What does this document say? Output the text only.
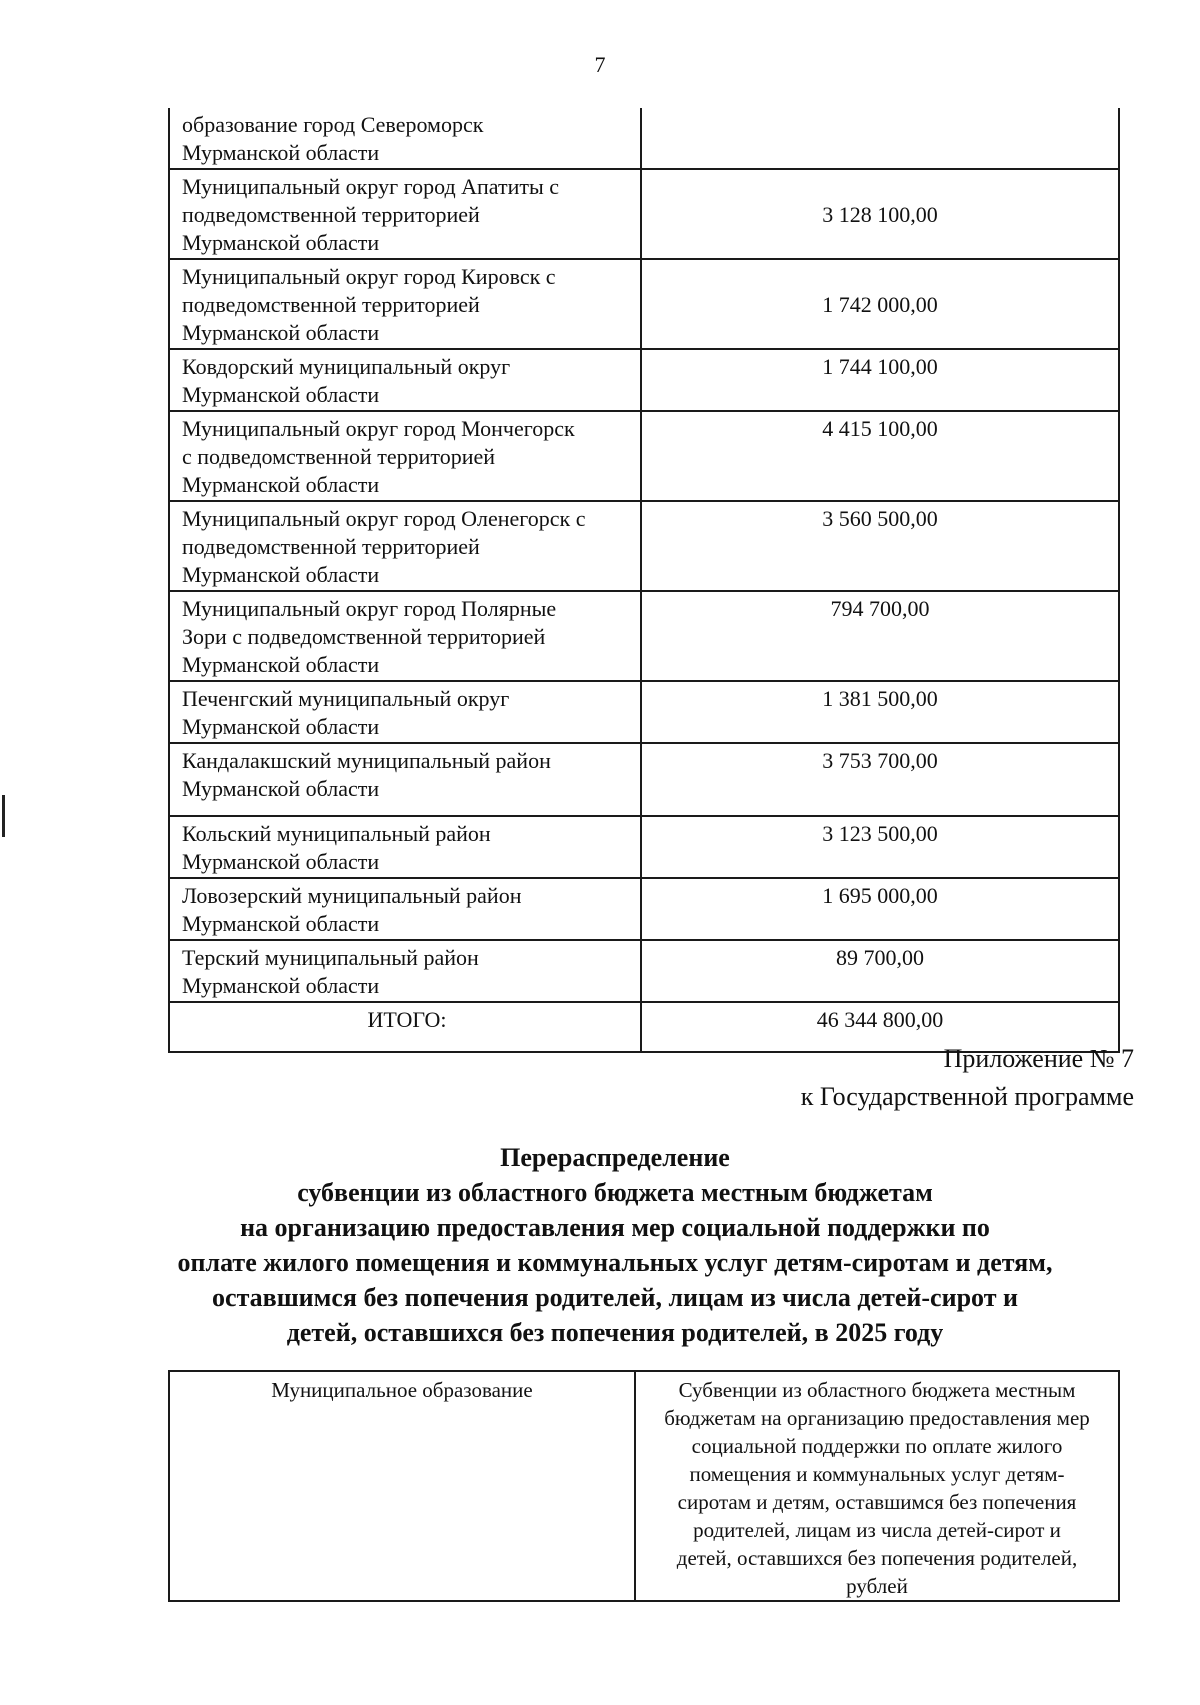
7
образование город Североморск
Мурманской области	

Муниципальный округ город Апатиты с
подведомственной территорией
Мурманской области	3 128 100,00

Муниципальный округ город Кировск с
подведомственной территорией
Мурманской области	1 742 000,00

Ковдорский муниципальный округ
Мурманской области	1 744 100,00

Муниципальный округ город Мончегорск
с подведомственной территорией
Мурманской области	4 415 100,00

Муниципальный округ город Оленегорск с
подведомственной территорией
Мурманской области	3 560 500,00

Муниципальный округ город Полярные
Зори с подведомственной территорией
Мурманской области	794 700,00

Печенгский муниципальный округ
Мурманской области	1 381 500,00

Кандалакшский муниципальный район
Мурманской области	3 753 700,00

Кольский муниципальный район
Мурманской области	3 123 500,00

Ловозерский муниципальный район
Мурманской области	1 695 000,00

Терский муниципальный район
Мурманской области	89 700,00
ИТОГО:	46 344 800,00
Приложение № 7
к Государственной программе
Перераспределение
субвенции из областного бюджета местным бюджетам
на организацию предоставления мер социальной поддержки по
оплате жилого помещения и коммунальных услуг детям-сиротам и детям,
оставшимся без попечения родителей, лицам из числа детей-сирот и
детей, оставшихся без попечения родителей, в 2025 году
Муниципальное образование	Субвенции из областного бюджета местным
бюджетам на организацию предоставления мер
социальной поддержки по оплате жилого
помещения и коммунальных услуг детям-
сиротам и детям, оставшимся без попечения
родителей, лицам из числа детей-сирот и
детей, оставшихся без попечения родителей,
рублей
